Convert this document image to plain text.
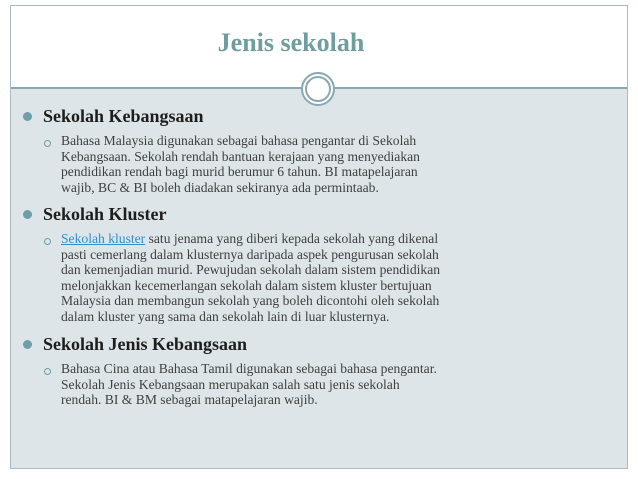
Jenis sekolah
Sekolah Kebangsaan
Bahasa Malaysia digunakan sebagai bahasa pengantar di Sekolah
Kebangsaan. Sekolah rendah bantuan kerajaan yang menyediakan
pendidikan rendah bagi murid berumur 6 tahun. BI matapelajaran
wajib, BC & BI boleh diadakan sekiranya ada permintaab.
Sekolah Kluster
Sekolah kluster satu jenama yang diberi kepada sekolah yang dikenal
pasti cemerlang dalam klusternya daripada aspek pengurusan sekolah
dan kemenjadian murid. Pewujudan sekolah dalam sistem pendidikan
melonjakkan kecemerlangan sekolah dalam sistem kluster bertujuan
Malaysia dan membangun sekolah yang boleh dicontohi oleh sekolah
dalam kluster yang sama dan sekolah lain di luar klusternya.
Sekolah Jenis Kebangsaan
Bahasa Cina atau Bahasa Tamil digunakan sebagai bahasa pengantar.
Sekolah Jenis Kebangsaan merupakan salah satu jenis sekolah
rendah. BI & BM sebagai matapelajaran wajib.
